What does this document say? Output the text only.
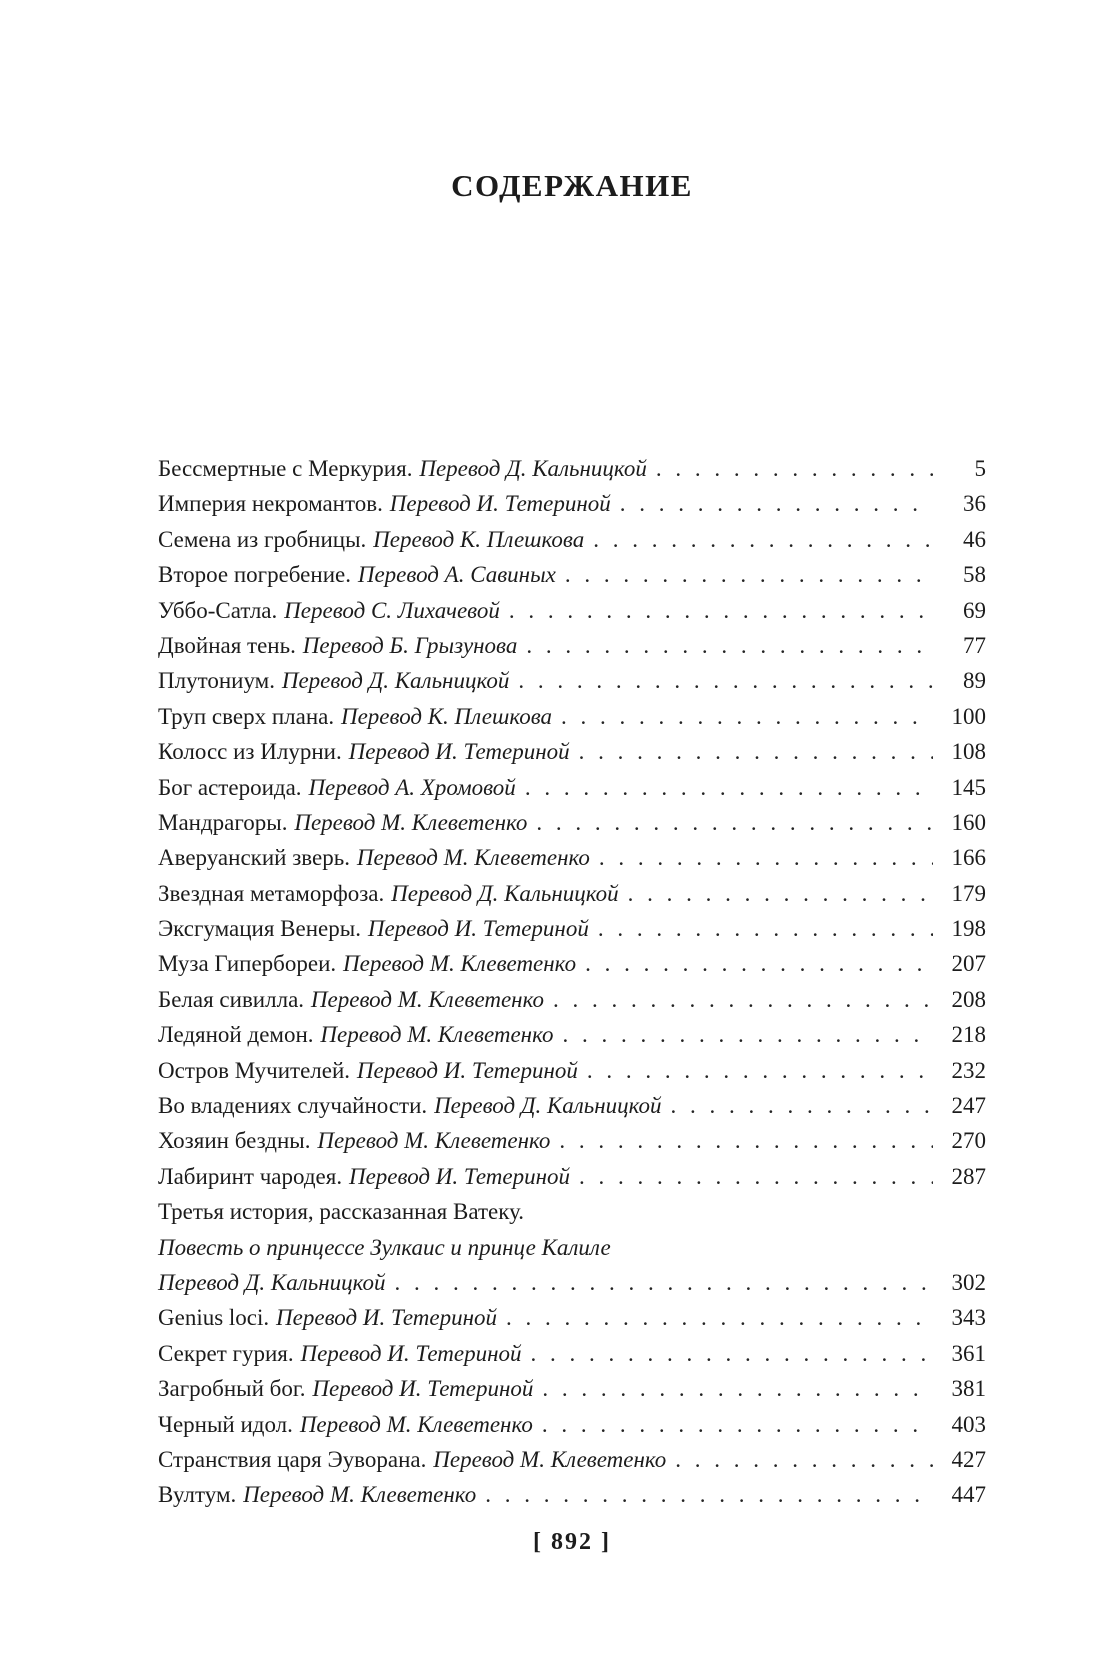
СОДЕРЖАНИЕ
Бессмертные с Меркурия. Перевод Д. Кальницкой . . .	5
Империя некромантов. Перевод И. Тетериной . . .	36
Семена из гробницы. Перевод К. Плешкова . . .	46
Второе погребение. Перевод А. Савиных . . .	58
Уббо-Сатла. Перевод С. Лихачевой . . .	69
Двойная тень. Перевод Б. Грызунова . . .	77
Плутониум. Перевод Д. Кальницкой . . .	89
Труп сверх плана. Перевод К. Плешкова . . .	100
Колосс из Илурни. Перевод И. Тетериной . . .	108
Бог астероида. Перевод А. Хромовой . . .	145
Мандрагоры. Перевод М. Клеветенко . . .	160
Аверуанский зверь. Перевод М. Клеветенко . . .	166
Звездная метаморфоза. Перевод Д. Кальницкой . . .	179
Эксгумация Венеры. Перевод И. Тетериной . . .	198
Муза Гипербореи. Перевод М. Клеветенко . . .	207
Белая сивилла. Перевод М. Клеветенко . . .	208
Ледяной демон. Перевод М. Клеветенко . . .	218
Остров Мучителей. Перевод И. Тетериной . . .	232
Во владениях случайности. Перевод Д. Кальницкой . . .	247
Хозяин бездны. Перевод М. Клеветенко . . .	270
Лабиринт чародея. Перевод И. Тетериной . . .	287
Третья история, рассказанная Ватеку.
Повесть о принцессе Зулкаис и принце Калиле
Перевод Д. Кальницкой . . .	302
Genius loci. Перевод И. Тетериной . . .	343
Секрет гурия. Перевод И. Тетериной . . .	361
Загробный бог. Перевод И. Тетериной . . .	381
Черный идол. Перевод М. Клеветенко . . .	403
Странствия царя Эуворана. Перевод М. Клеветенко . . .	427
Вултум. Перевод М. Клеветенко . . .	447
[ 892 ]
